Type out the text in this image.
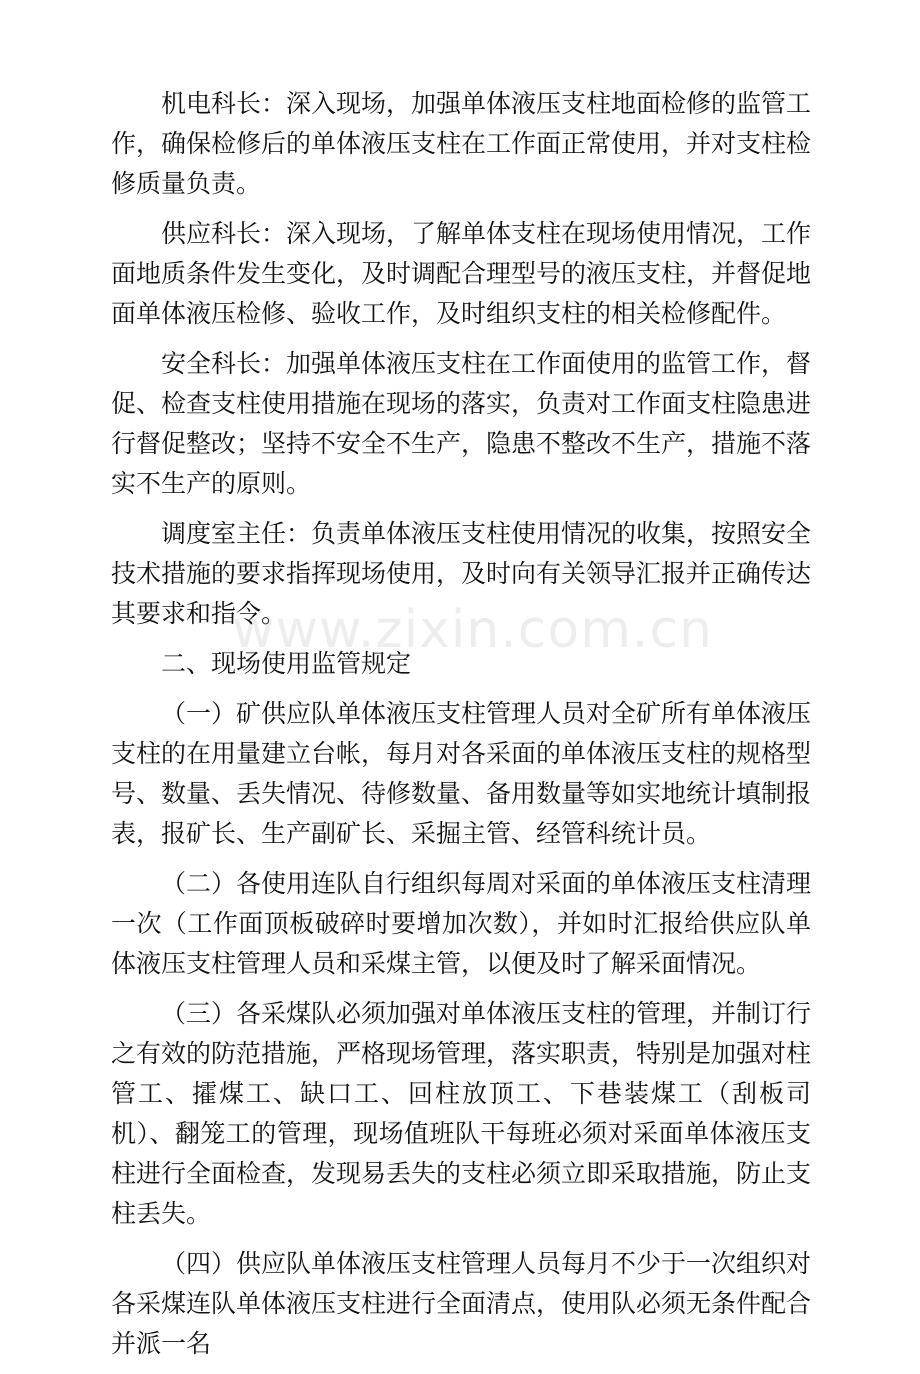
机电科长：深入现场，加强单体液压支柱地面检修的监管工作，确保检修后的单体液压支柱在工作面正常使用，并对支柱检修质量负责。

供应科长：深入现场，了解单体支柱在现场使用情况，工作面地质条件发生变化，及时调配合理型号的液压支柱，并督促地面单体液压检修、验收工作，及时组织支柱的相关检修配件。

安全科长：加强单体液压支柱在工作面使用的监管工作，督促、检查支柱使用措施在现场的落实，负责对工作面支柱隐患进行督促整改；坚持不安全不生产，隐患不整改不生产，措施不落实不生产的原则。

调度室主任：负责单体液压支柱使用情况的收集，按照安全技术措施的要求指挥现场使用，及时向有关领导汇报并正确传达其要求和指令。

二、现场使用监管规定

（一）矿供应队单体液压支柱管理人员对全矿所有单体液压支柱的在用量建立台帐，每月对各采面的单体液压支柱的规格型号、数量、丢失情况、待修数量、备用数量等如实地统计填制报表，报矿长、生产副矿长、采掘主管、经管科统计员。

（二）各使用连队自行组织每周对采面的单体液压支柱清理一次（工作面顶板破碎时要增加次数），并如时汇报给供应队单体液压支柱管理人员和采煤主管，以便及时了解采面情况。

（三）各采煤队必须加强对单体液压支柱的管理，并制订行之有效的防范措施，严格现场管理，落实职责，特别是加强对柱管工、攉煤工、缺口工、回柱放顶工、下巷装煤工（刮板司机）、翻笼工的管理，现场值班队干每班必须对采面单体液压支柱进行全面检查，发现易丢失的支柱必须立即采取措施，防止支柱丢失。

（四）供应队单体液压支柱管理人员每月不少于一次组织对各采煤连队单体液压支柱进行全面清点，使用队必须无条件配合并派一名

www.zixin.com.cn
